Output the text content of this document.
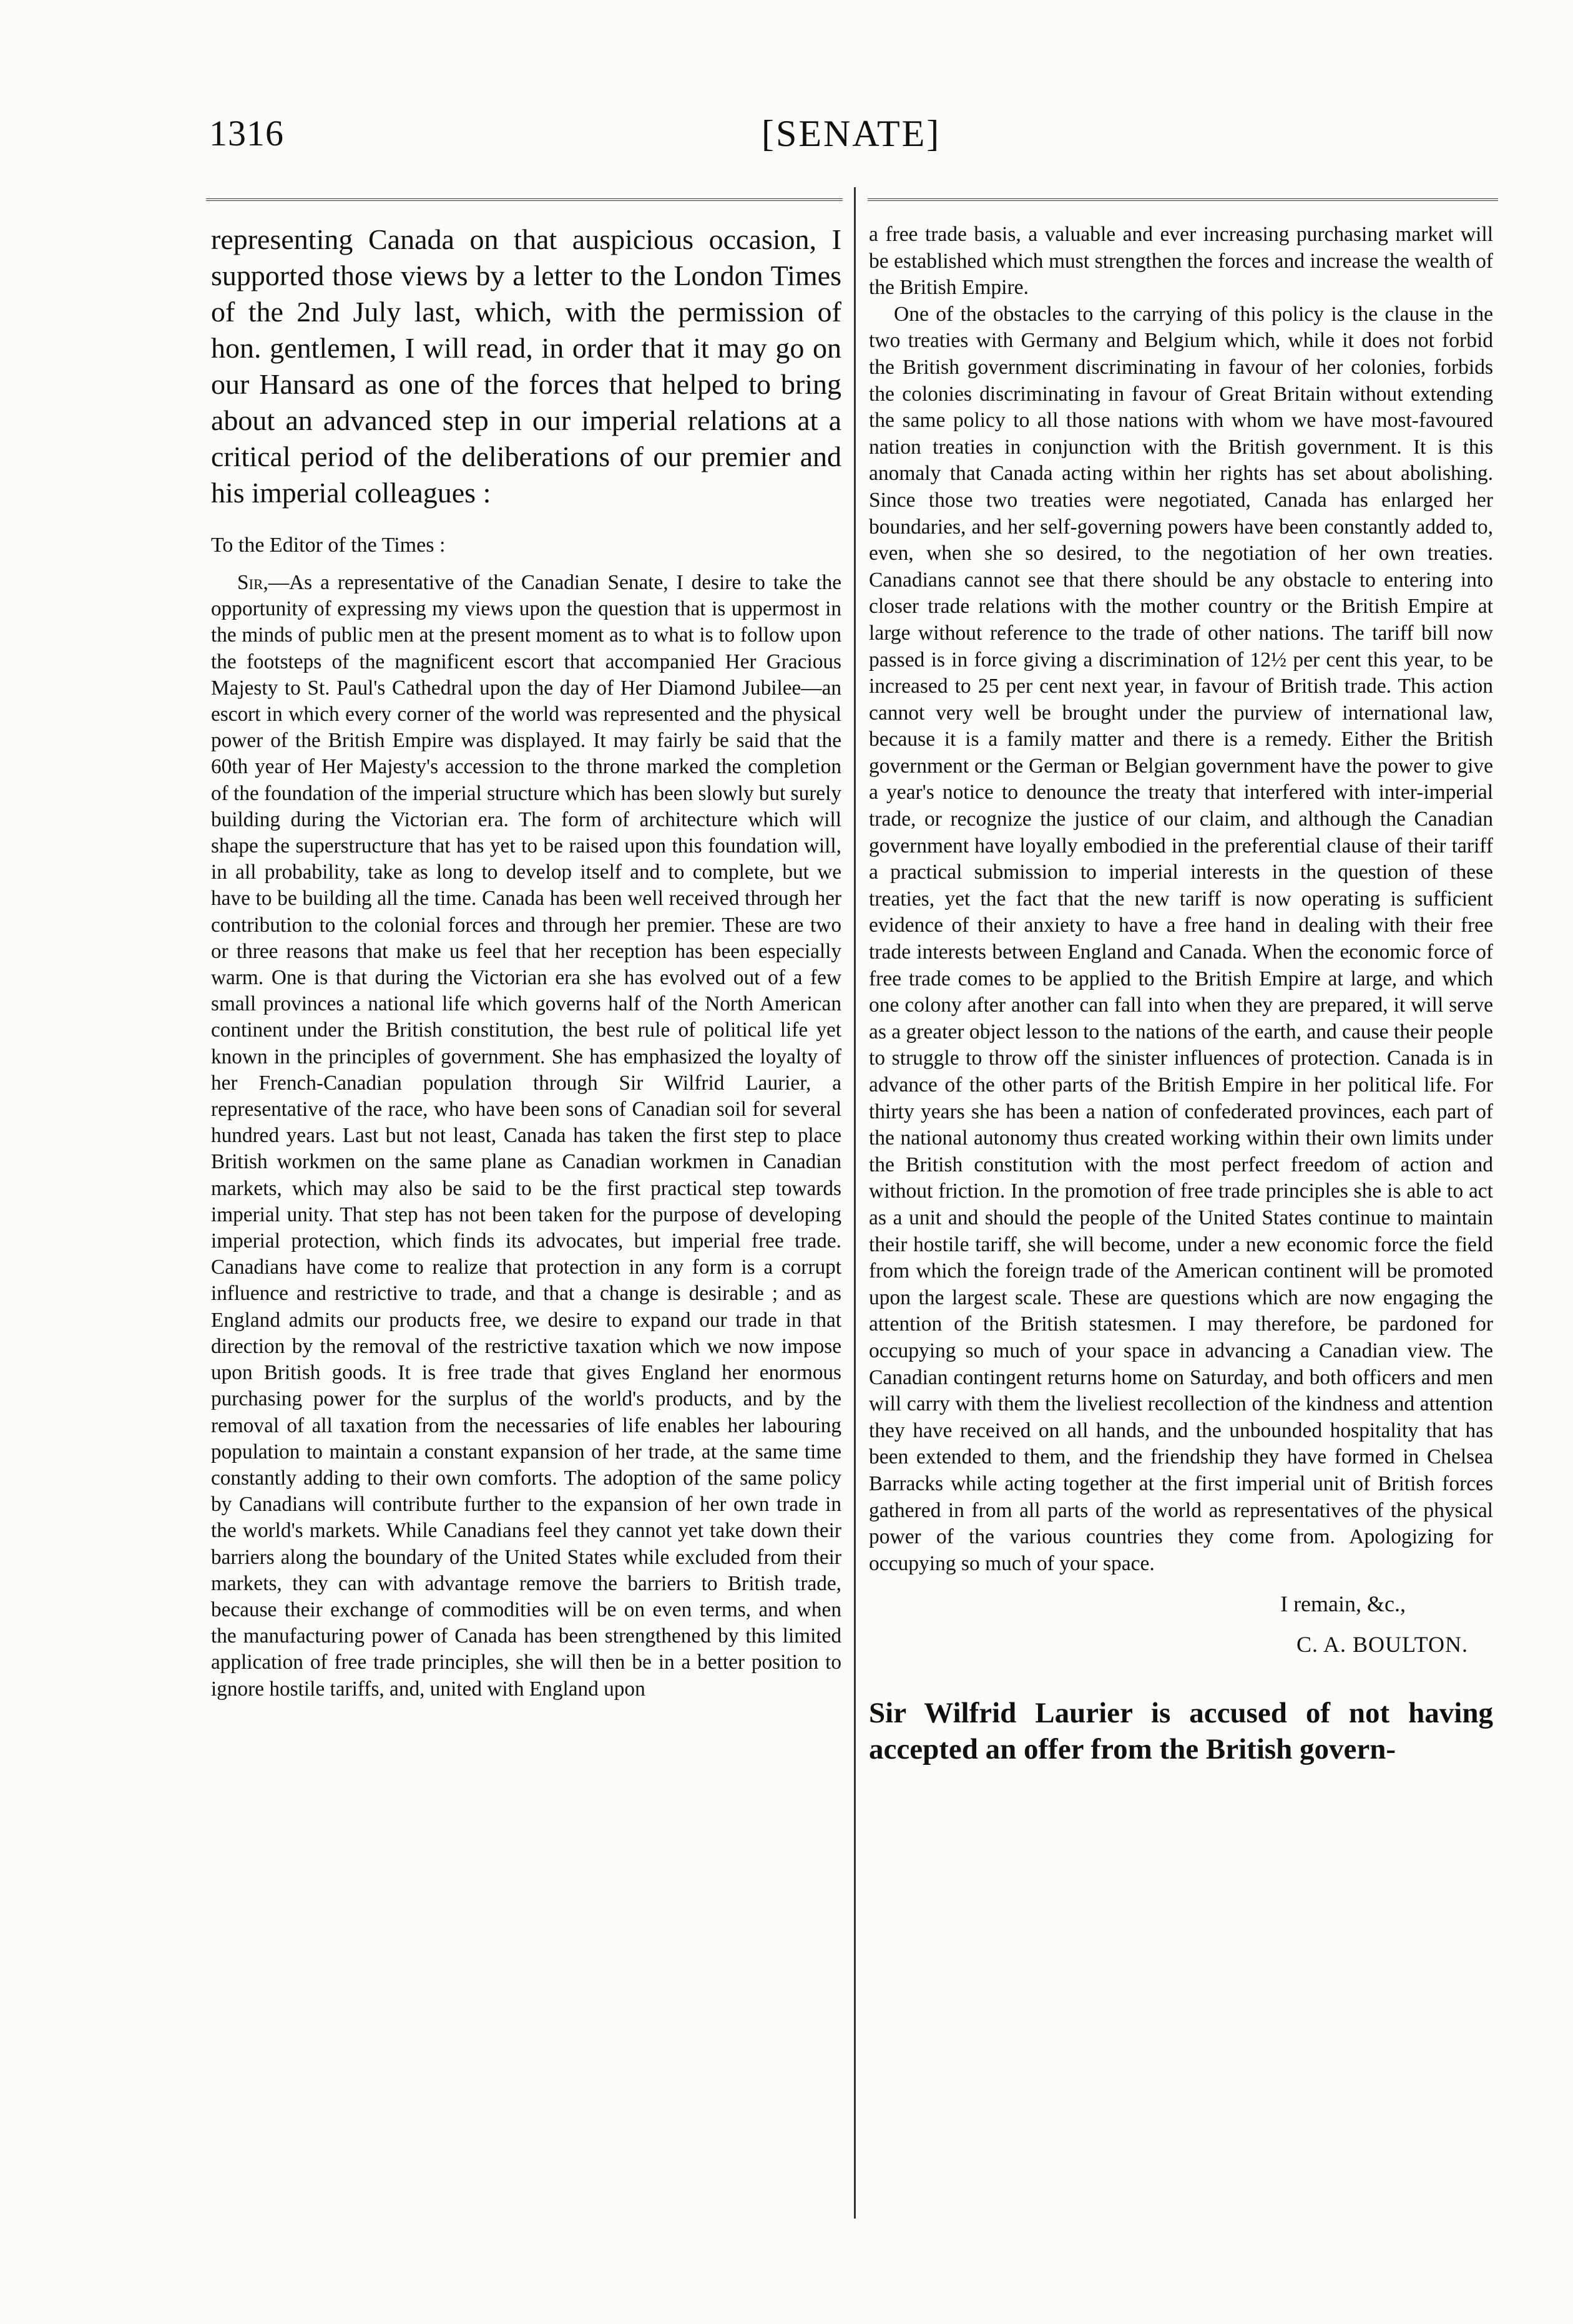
1316	[SENATE]

representing Canada on that auspicious occasion, I supported those views by a letter to the London Times of the 2nd July last, which, with the permission of hon. gentlemen, I will read, in order that it may go on our Hansard as one of the forces that helped to bring about an advanced step in our imperial relations at a critical period of the deliberations of our premier and his imperial colleagues :

To the Editor of the Times :

Sir,—As a representative of the Canadian Senate, I desire to take the opportunity of expressing my views upon the question that is uppermost in the minds of public men at the present moment as to what is to follow upon the footsteps of the magnificent escort that accompanied Her Gracious Majesty to St. Paul's Cathedral upon the day of Her Diamond Jubilee—an escort in which every corner of the world was represented and the physical power of the British Empire was displayed. It may fairly be said that the 60th year of Her Majesty's accession to the throne marked the completion of the foundation of the imperial structure which has been slowly but surely building during the Victorian era. The form of architecture which will shape the superstructure that has yet to be raised upon this foundation will, in all probability, take as long to develop itself and to complete, but we have to be building all the time. Canada has been well received through her contribution to the colonial forces and through her premier. These are two or three reasons that make us feel that her reception has been especially warm. One is that during the Victorian era she has evolved out of a few small provinces a national life which governs half of the North American continent under the British constitution, the best rule of political life yet known in the principles of government. She has emphasized the loyalty of her French-Canadian population through Sir Wilfrid Laurier, a representative of the race, who have been sons of Canadian soil for several hundred years. Last but not least, Canada has taken the first step to place British workmen on the same plane as Canadian workmen in Canadian markets, which may also be said to be the first practical step towards imperial unity. That step has not been taken for the purpose of developing imperial protection, which finds its advocates, but imperial free trade. Canadians have come to realize that protection in any form is a corrupt influence and restrictive to trade, and that a change is desirable ; and as England admits our products free, we desire to expand our trade in that direction by the removal of the restrictive taxation which we now impose upon British goods. It is free trade that gives England her enormous purchasing power for the surplus of the world's products, and by the removal of all taxation from the necessaries of life enables her labouring population to maintain a constant expansion of her trade, at the same time constantly adding to their own comforts. The adoption of the same policy by Canadians will contribute further to the expansion of her own trade in the world's markets. While Canadians feel they cannot yet take down their barriers along the boundary of the United States while excluded from their markets, they can with advantage remove the barriers to British trade, because their exchange of commodities will be on even terms, and when the manufacturing power of Canada has been strengthened by this limited application of free trade principles, she will then be in a better position to ignore hostile tariffs, and, united with England upon

a free trade basis, a valuable and ever increasing purchasing market will be established which must strengthen the forces and increase the wealth of the British Empire.

One of the obstacles to the carrying of this policy is the clause in the two treaties with Germany and Belgium which, while it does not forbid the British government discriminating in favour of her colonies, forbids the colonies discriminating in favour of Great Britain without extending the same policy to all those nations with whom we have most-favoured nation treaties in conjunction with the British government. It is this anomaly that Canada acting within her rights has set about abolishing. Since those two treaties were negotiated, Canada has enlarged her boundaries, and her self-governing powers have been constantly added to, even, when she so desired, to the negotiation of her own treaties. Canadians cannot see that there should be any obstacle to entering into closer trade relations with the mother country or the British Empire at large without reference to the trade of other nations. The tariff bill now passed is in force giving a discrimination of 12½ per cent this year, to be increased to 25 per cent next year, in favour of British trade. This action cannot very well be brought under the purview of international law, because it is a family matter and there is a remedy. Either the British government or the German or Belgian government have the power to give a year's notice to denounce the treaty that interfered with inter-imperial trade, or recognize the justice of our claim, and although the Canadian government have loyally embodied in the preferential clause of their tariff a practical submission to imperial interests in the question of these treaties, yet the fact that the new tariff is now operating is sufficient evidence of their anxiety to have a free hand in dealing with their free trade interests between England and Canada. When the economic force of free trade comes to be applied to the British Empire at large, and which one colony after another can fall into when they are prepared, it will serve as a greater object lesson to the nations of the earth, and cause their people to struggle to throw off the sinister influences of protection. Canada is in advance of the other parts of the British Empire in her political life. For thirty years she has been a nation of confederated provinces, each part of the national autonomy thus created working within their own limits under the British constitution with the most perfect freedom of action and without friction. In the promotion of free trade principles she is able to act as a unit and should the people of the United States continue to maintain their hostile tariff, she will become, under a new economic force the field from which the foreign trade of the American continent will be promoted upon the largest scale. These are questions which are now engaging the attention of the British statesmen. I may therefore, be pardoned for occupying so much of your space in advancing a Canadian view. The Canadian contingent returns home on Saturday, and both officers and men will carry with them the liveliest recollection of the kindness and attention they have received on all hands, and the unbounded hospitality that has been extended to them, and the friendship they have formed in Chelsea Barracks while acting together at the first imperial unit of British forces gathered in from all parts of the world as representatives of the physical power of the various countries they come from. Apologizing for occupying so much of your space.

I remain, &c.,

C. A. BOULTON.

Sir Wilfrid Laurier is accused of not having accepted an offer from the British govern-
